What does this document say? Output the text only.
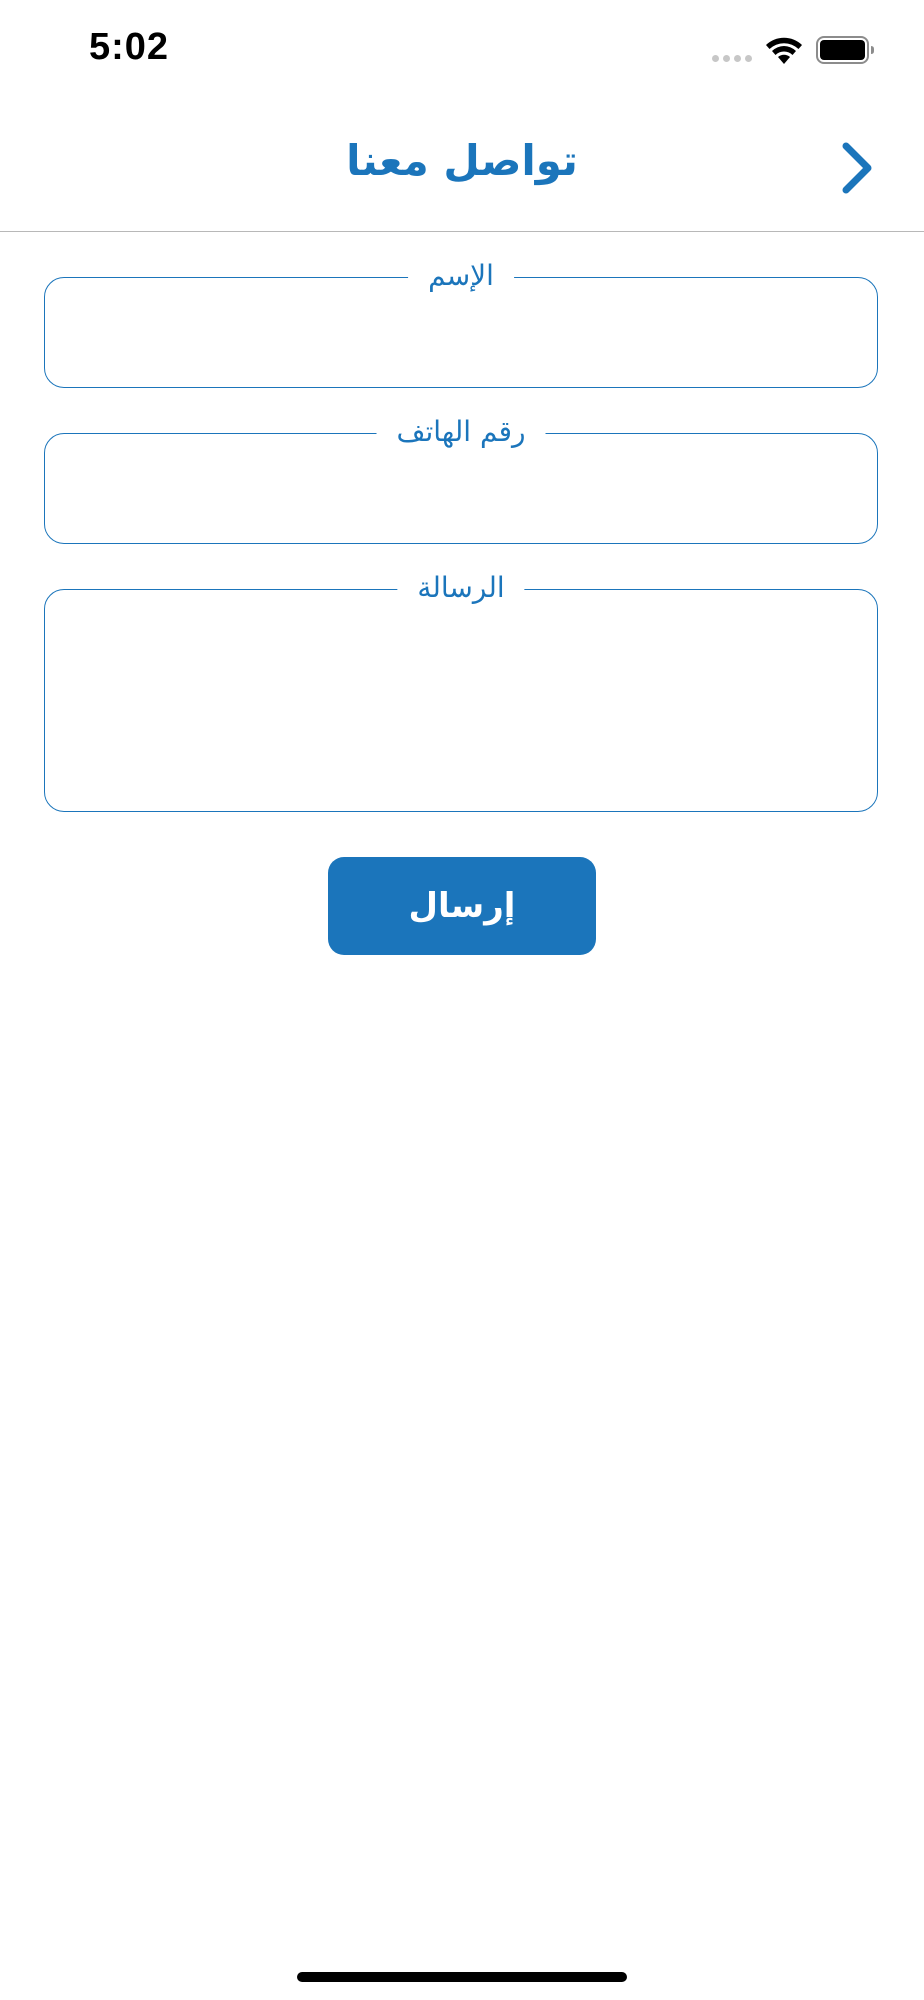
5:02
تواصل معنا
الإسم
رقم الهاتف
الرسالة
إرسال
